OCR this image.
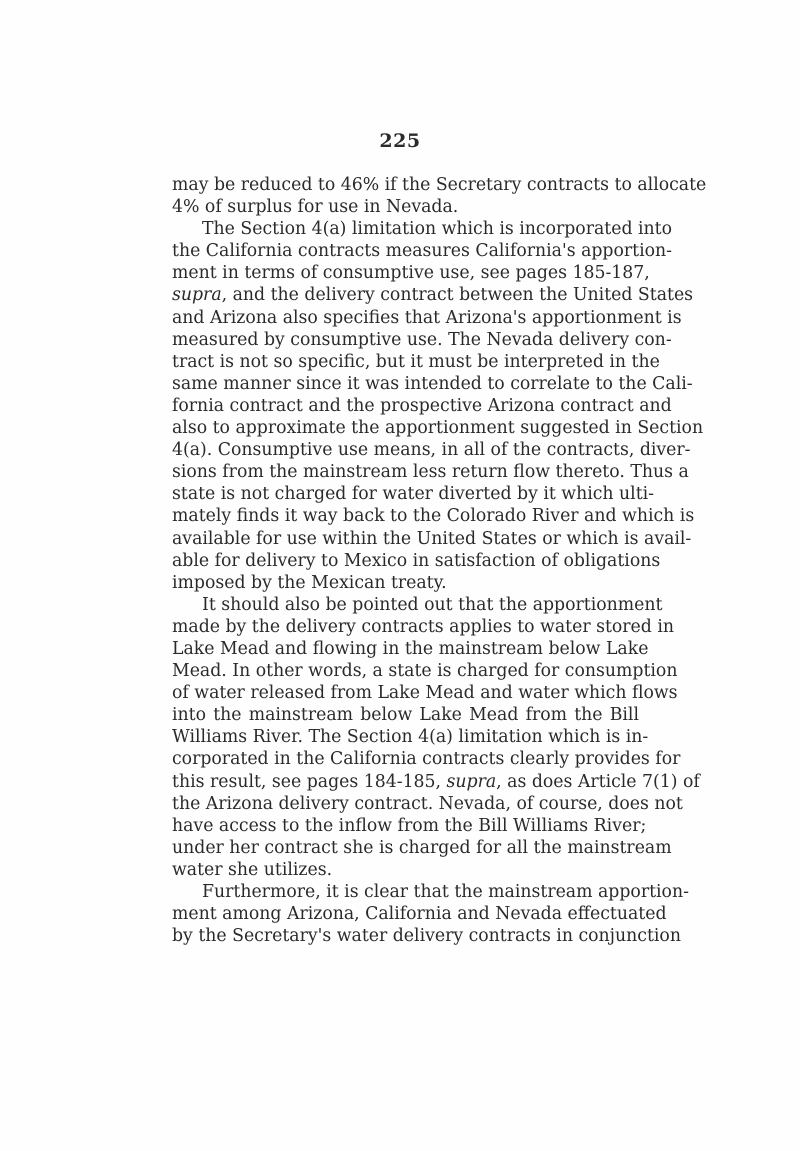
225
may be reduced to 46% if the Secretary contracts to allocate
4% of surplus for use in Nevada.
The Section 4(a) limitation which is incorporated into
the California contracts measures California's apportion-
ment in terms of consumptive use, see pages 185-187,
supra, and the delivery contract between the United States
and Arizona also specifies that Arizona's apportionment is
measured by consumptive use. The Nevada delivery con-
tract is not so specific, but it must be interpreted in the
same manner since it was intended to correlate to the Cali-
fornia contract and the prospective Arizona contract and
also to approximate the apportionment suggested in Section
4(a). Consumptive use means, in all of the contracts, diver-
sions from the mainstream less return flow thereto. Thus a
state is not charged for water diverted by it which ulti-
mately finds it way back to the Colorado River and which is
available for use within the United States or which is avail-
able for delivery to Mexico in satisfaction of obligations
imposed by the Mexican treaty.
It should also be pointed out that the apportionment
made by the delivery contracts applies to water stored in
Lake Mead and flowing in the mainstream below Lake
Mead. In other words, a state is charged for consumption
of water released from Lake Mead and water which flows
into the mainstream below Lake Mead from the Bill
Williams River. The Section 4(a) limitation which is in-
corporated in the California contracts clearly provides for
this result, see pages 184-185, supra, as does Article 7(1) of
the Arizona delivery contract. Nevada, of course, does not
have access to the inflow from the Bill Williams River;
under her contract she is charged for all the mainstream
water she utilizes.
Furthermore, it is clear that the mainstream apportion-
ment among Arizona, California and Nevada effectuated
by the Secretary's water delivery contracts in conjunction
